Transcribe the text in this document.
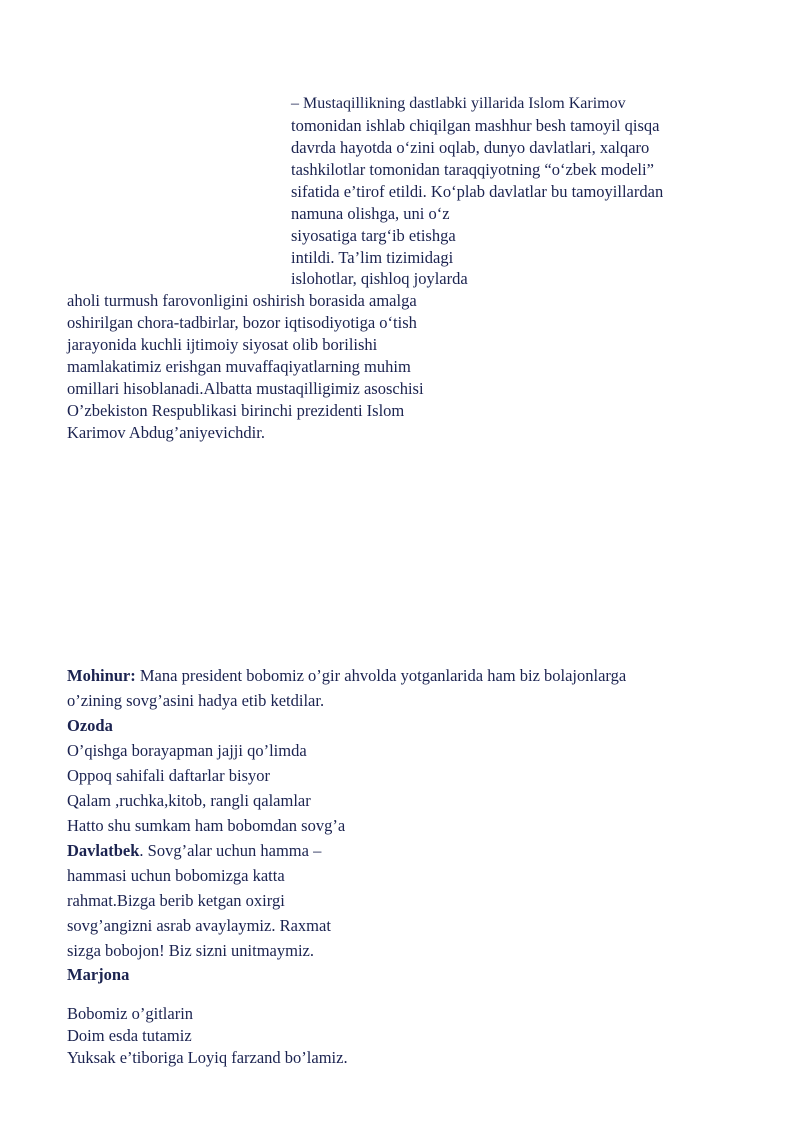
– Mustaqillikning dastlabki yillarida Islom Karimov

tomonidan ishlab chiqilgan mashhur besh tamoyil qisqa

davrda hayotda o‘zini oqlab, dunyo davlatlari, xalqaro

tashkilotlar tomonidan taraqqiyotning “o‘zbek modeli”

sifatida e’tirof etildi. Ko‘plab davlatlar bu tamoyillardan

namuna olishga, uni o‘z

siyosatiga targ‘ib etishga

intildi. Ta’lim tizimidagi

islohotlar, qishloq joylarda

aholi turmush farovonligini oshirish borasida amalga

oshirilgan chora-tadbirlar, bozor iqtisodiyotiga o‘tish

jarayonida kuchli ijtimoiy siyosat olib borilishi

mamlakatimiz erishgan muvaffaqiyatlarning muhim

omillari hisoblanadi.Albatta mustaqilligimiz asoschisi

O’zbekiston Respublikasi birinchi prezidenti Islom

Karimov Abdug’aniyevichdir.

Mohinur: Mana president bobomiz o’gir ahvolda yotganlarida ham biz bolajonlarga

o’zining sovg’asini hadya etib ketdilar.

Ozoda

O’qishga borayapman jajji qo’limda

Oppoq sahifali daftarlar bisyor

Qalam ,ruchka,kitob, rangli qalamlar

Hatto shu sumkam ham bobomdan sovg’a

Davlatbek. Sovg’alar uchun hamma –

hammasi uchun bobomizga katta

rahmat.Bizga berib ketgan oxirgi

sovg’angizni asrab avaylaymiz. Raxmat

sizga bobojon! Biz sizni unitmaymiz.

Marjona

Bobomiz o’gitlarin

Doim esda tutamiz

Yuksak e’tiboriga Loyiq farzand bo’lamiz.
